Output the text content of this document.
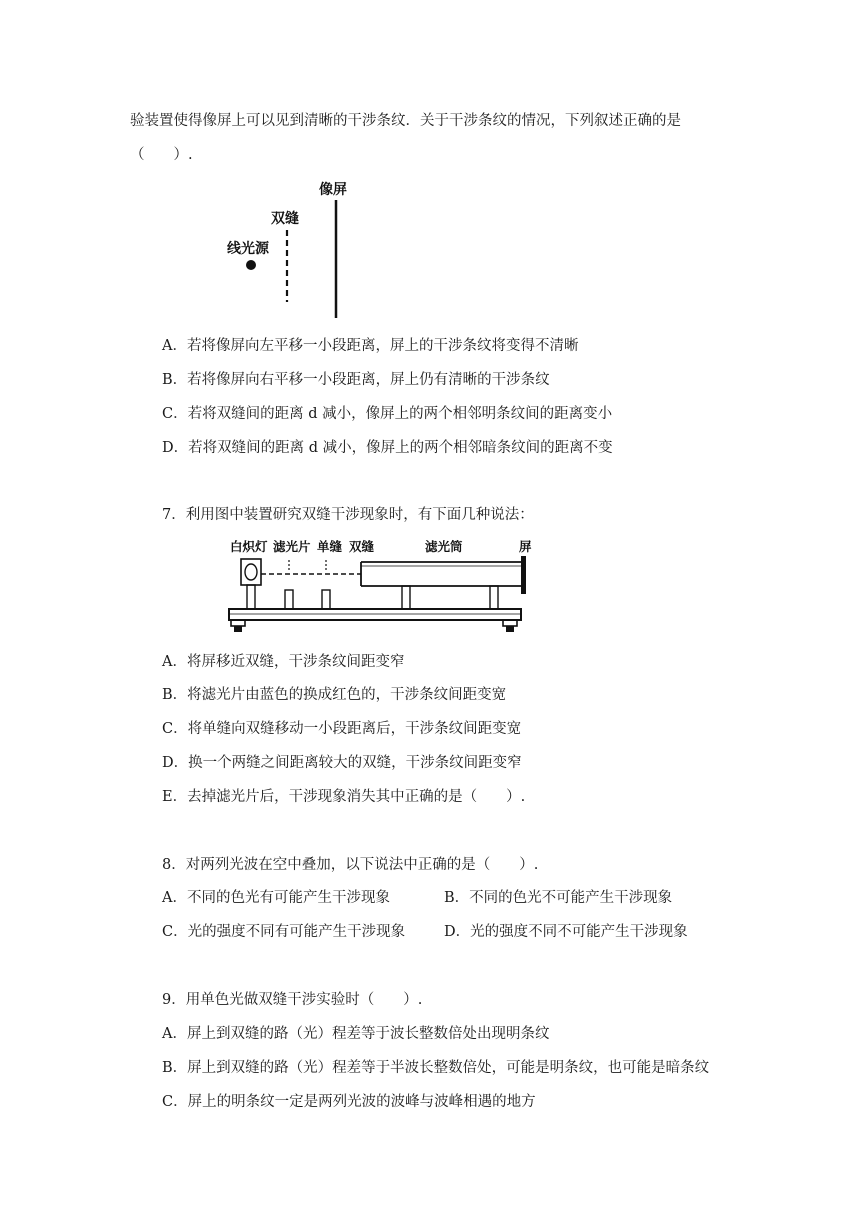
验装置使得像屏上可以见到清晰的干涉条纹．关于干涉条纹的情况，下列叙述正确的是
（　　）.
像屏
双缝
线光源
A．若将像屏向左平移一小段距离，屏上的干涉条纹将变得不清晰
B．若将像屏向右平移一小段距离，屏上仍有清晰的干涉条纹
C．若将双缝间的距离 d 减小，像屏上的两个相邻明条纹间的距离变小
D．若将双缝间的距离 d 减小，像屏上的两个相邻暗条纹间的距离不变
7．利用图中装置研究双缝干涉现象时，有下面几种说法：
白炽灯 滤光片 单缝 双缝	滤光筒	屏
A．将屏移近双缝，干涉条纹间距变窄
B．将滤光片由蓝色的换成红色的，干涉条纹间距变宽
C．将单缝向双缝移动一小段距离后，干涉条纹间距变宽
D．换一个两缝之间距离较大的双缝，干涉条纹间距变窄
E．去掉滤光片后，干涉现象消失其中正确的是（　　）.
8．对两列光波在空中叠加，以下说法中正确的是（　　）.
A．不同的色光有可能产生干涉现象	B．不同的色光不可能产生干涉现象
C．光的强度不同有可能产生干涉现象	D．光的强度不同不可能产生干涉现象
9．用单色光做双缝干涉实验时（　　）.
A．屏上到双缝的路（光）程差等于波长整数倍处出现明条纹
B．屏上到双缝的路（光）程差等于半波长整数倍处，可能是明条纹，也可能是暗条纹
C．屏上的明条纹一定是两列光波的波峰与波峰相遇的地方
